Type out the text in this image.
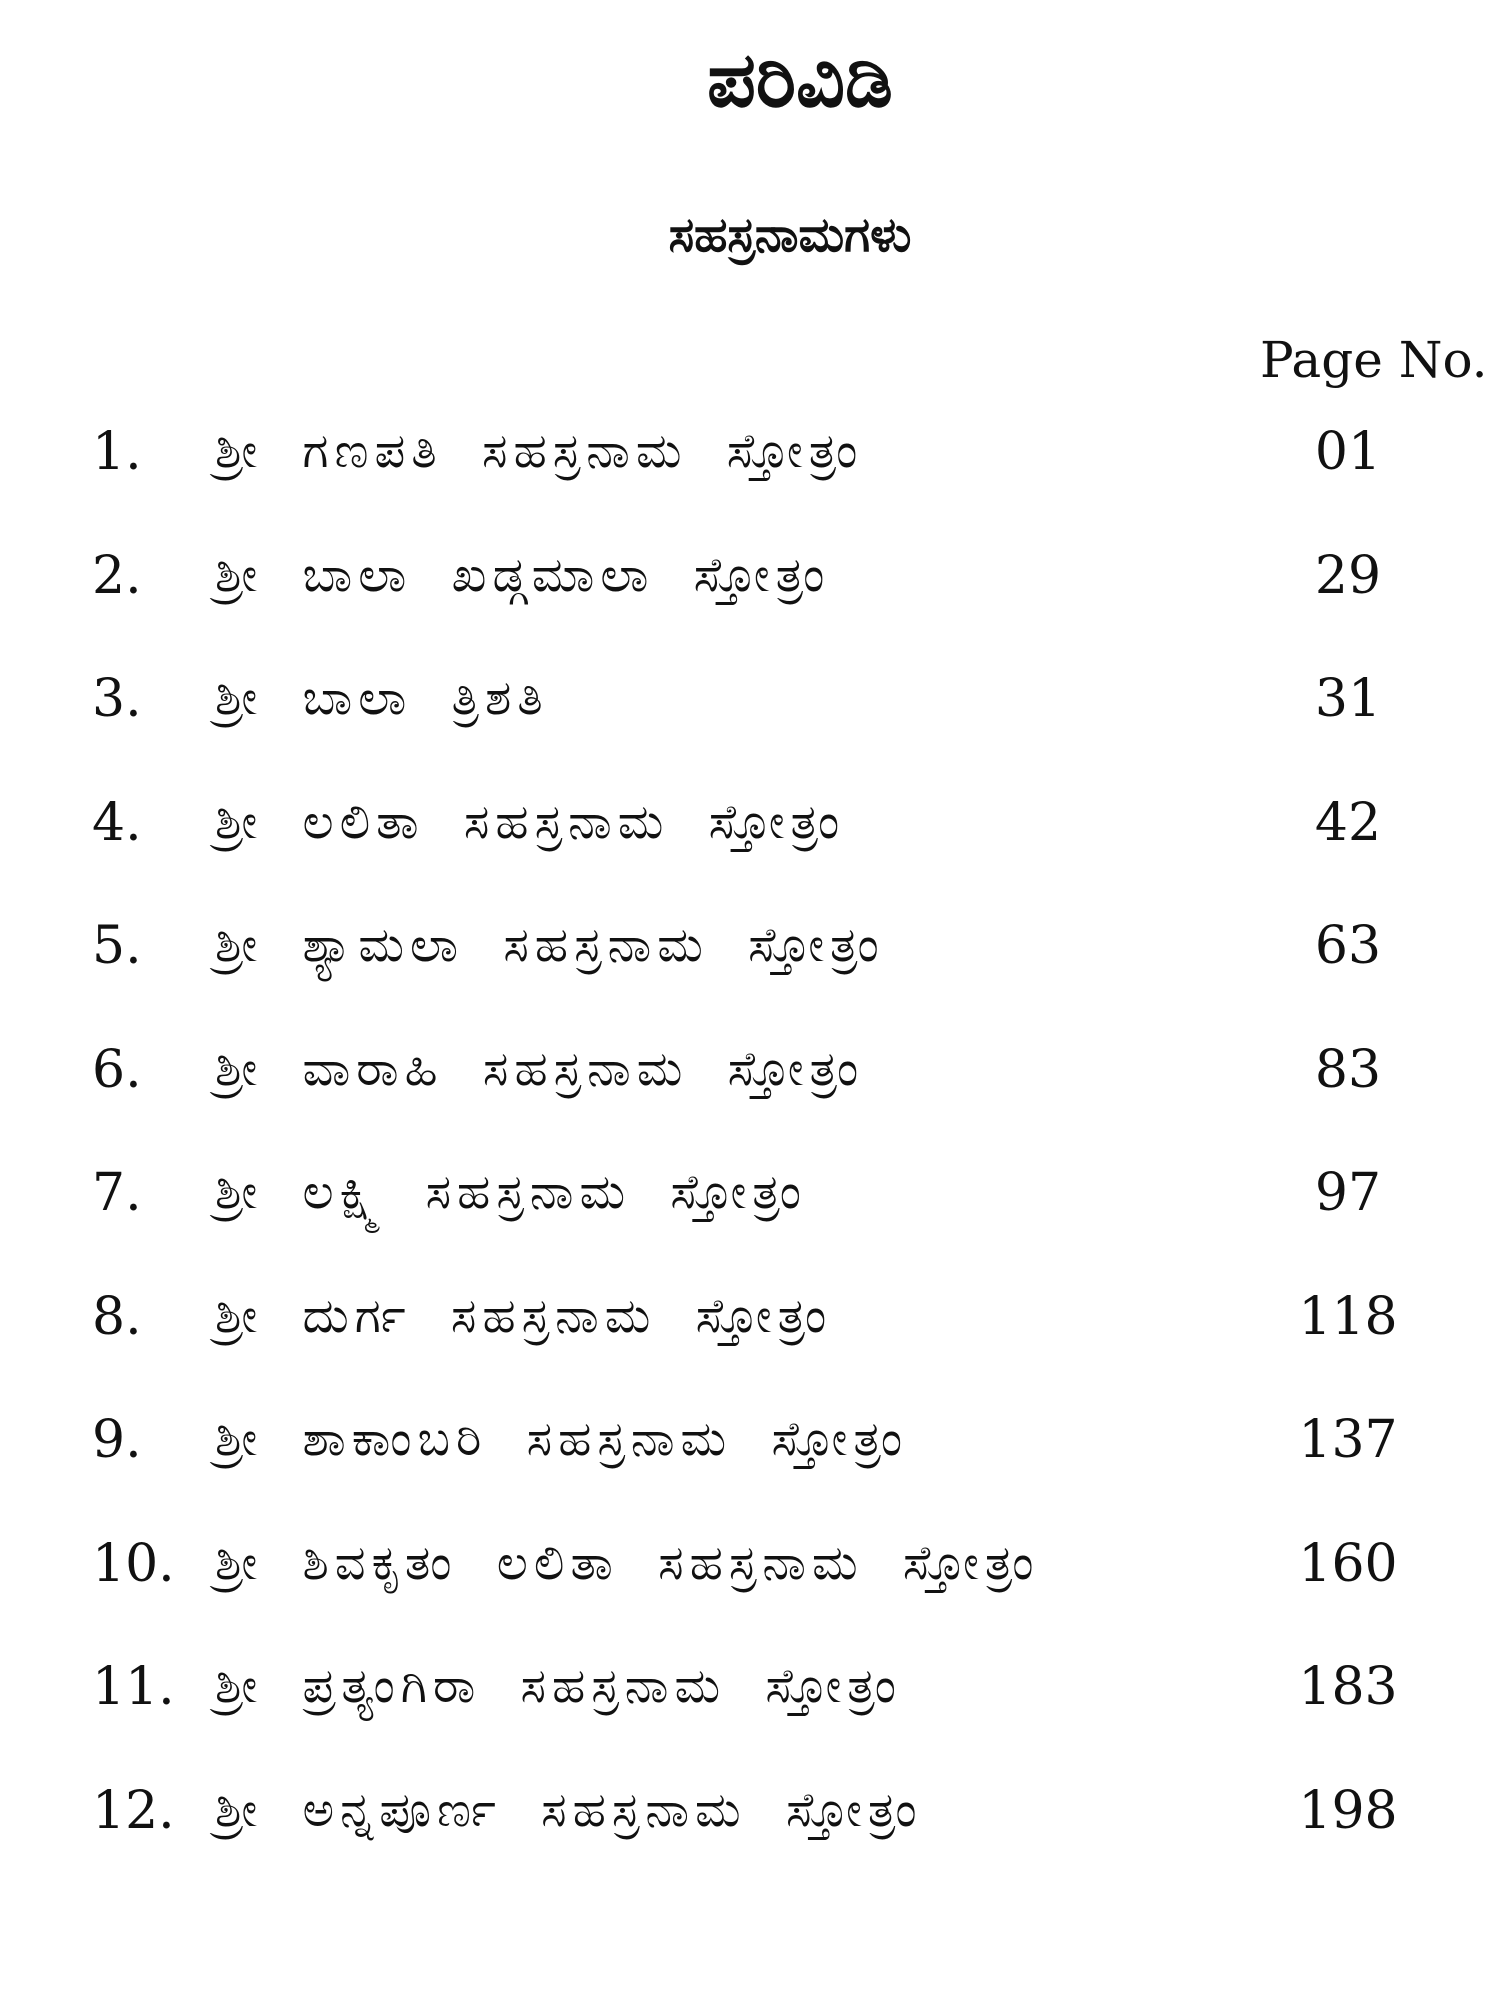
ಪರಿವಿಡಿ
ಸಹಸ್ರನಾಮಗಳು
Page No.
1. ಶ್ರೀ ಗಣಪತಿ ಸಹಸ್ರನಾಮ ಸ್ತೋತ್ರಂ	01
2. ಶ್ರೀ ಬಾಲಾ ಖಡ್ಗಮಾಲಾ ಸ್ತೋತ್ರಂ	29
3. ಶ್ರೀ ಬಾಲಾ ತ್ರಿಶತಿ	31
4. ಶ್ರೀ ಲಲಿತಾ ಸಹಸ್ರನಾಮ ಸ್ತೋತ್ರಂ	42
5. ಶ್ರೀ ಶ್ಯಾಮಲಾ ಸಹಸ್ರನಾಮ ಸ್ತೋತ್ರಂ	63
6. ಶ್ರೀ ವಾರಾಹಿ ಸಹಸ್ರನಾಮ ಸ್ತೋತ್ರಂ	83
7. ಶ್ರೀ ಲಕ್ಷ್ಮಿ ಸಹಸ್ರನಾಮ ಸ್ತೋತ್ರಂ	97
8. ಶ್ರೀ ದುರ್ಗ ಸಹಸ್ರನಾಮ ಸ್ತೋತ್ರಂ	118
9. ಶ್ರೀ ಶಾಕಾಂಬರಿ ಸಹಸ್ರನಾಮ ಸ್ತೋತ್ರಂ	137
10. ಶ್ರೀ ಶಿವಕೃತಂ ಲಲಿತಾ ಸಹಸ್ರನಾಮ ಸ್ತೋತ್ರಂ	160
11. ಶ್ರೀ ಪ್ರತ್ಯಂಗಿರಾ ಸಹಸ್ರನಾಮ ಸ್ತೋತ್ರಂ	183
12. ಶ್ರೀ ಅನ್ನಪೂರ್ಣ ಸಹಸ್ರನಾಮ ಸ್ತೋತ್ರಂ	198
